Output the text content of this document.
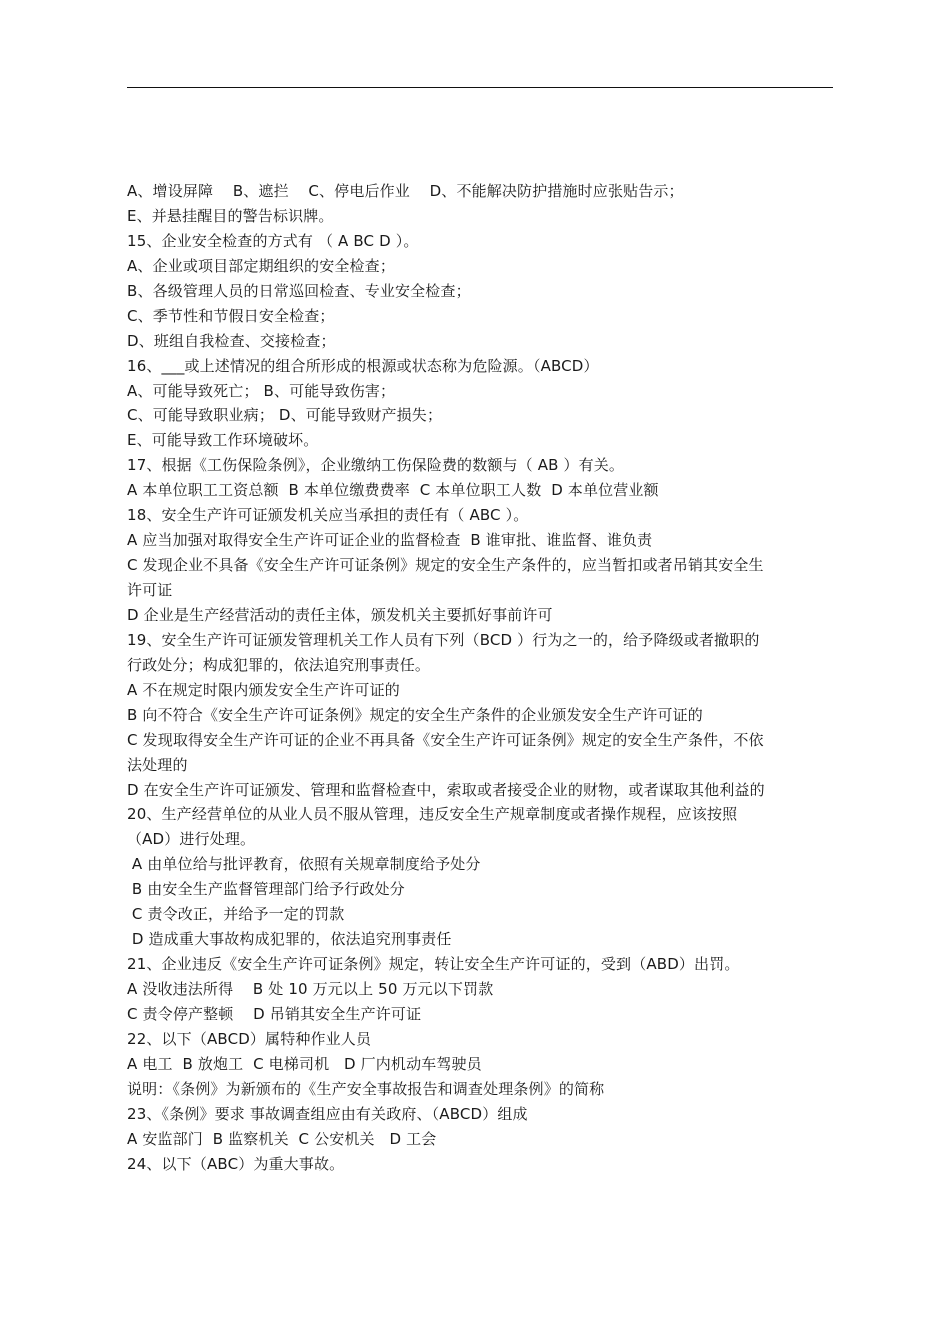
A、增设屏障    B、遮拦    C、停电后作业    D、不能解决防护措施时应张贴告示；
E、并悬挂醒目的警告标识牌。
15、企业安全检查的方式有 （ A BC D ）。
A、企业或项目部定期组织的安全检查；
B、各级管理人员的日常巡回检查、专业安全检查；
C、季节性和节假日安全检查；
D、班组自我检查、交接检查；
16、___或上述情况的组合所形成的根源或状态称为危险源。（ABCD）
A、可能导致死亡； B、可能导致伤害；
C、可能导致职业病； D、可能导致财产损失；
E、可能导致工作环境破坏。
17、根据《工伤保险条例》，企业缴纳工伤保险费的数额与（ AB ）有关。
A 本单位职工工资总额  B 本单位缴费费率  C 本单位职工人数  D 本单位营业额
18、安全生产许可证颁发机关应当承担的责任有（ ABC ）。
A 应当加强对取得安全生产许可证企业的监督检查  B 谁审批、谁监督、谁负责
C 发现企业不具备《安全生产许可证条例》规定的安全生产条件的，应当暂扣或者吊销其安全生
许可证
D 企业是生产经营活动的责任主体，颁发机关主要抓好事前许可
19、安全生产许可证颁发管理机关工作人员有下列（BCD ）行为之一的，给予降级或者撤职的
行政处分；构成犯罪的，依法追究刑事责任。
A 不在规定时限内颁发安全生产许可证的
B 向不符合《安全生产许可证条例》规定的安全生产条件的企业颁发安全生产许可证的
C 发现取得安全生产许可证的企业不再具备《安全生产许可证条例》规定的安全生产条件，不依
法处理的
D 在安全生产许可证颁发、管理和监督检查中，索取或者接受企业的财物，或者谋取其他利益的
20、生产经营单位的从业人员不服从管理，违反安全生产规章制度或者操作规程，应该按照
（AD）进行处理。
A 由单位给与批评教育，依照有关规章制度给予处分
B 由安全生产监督管理部门给予行政处分
C 责令改正，并给予一定的罚款
D 造成重大事故构成犯罪的，依法追究刑事责任
21、企业违反《安全生产许可证条例》规定，转让安全生产许可证的，受到（ABD）出罚。
A 没收违法所得    B 处 10 万元以上 50 万元以下罚款
C 责令停产整顿    D 吊销其安全生产许可证
22、以下（ABCD）属特种作业人员
A 电工  B 放炮工  C 电梯司机   D 厂内机动车驾驶员
说明：《条例》为新颁布的《生产安全事故报告和调查处理条例》的简称
23、《条例》要求 事故调查组应由有关政府、（ABCD）组成
A 安监部门  B 监察机关  C 公安机关   D 工会
24、以下（ABC）为重大事故。
